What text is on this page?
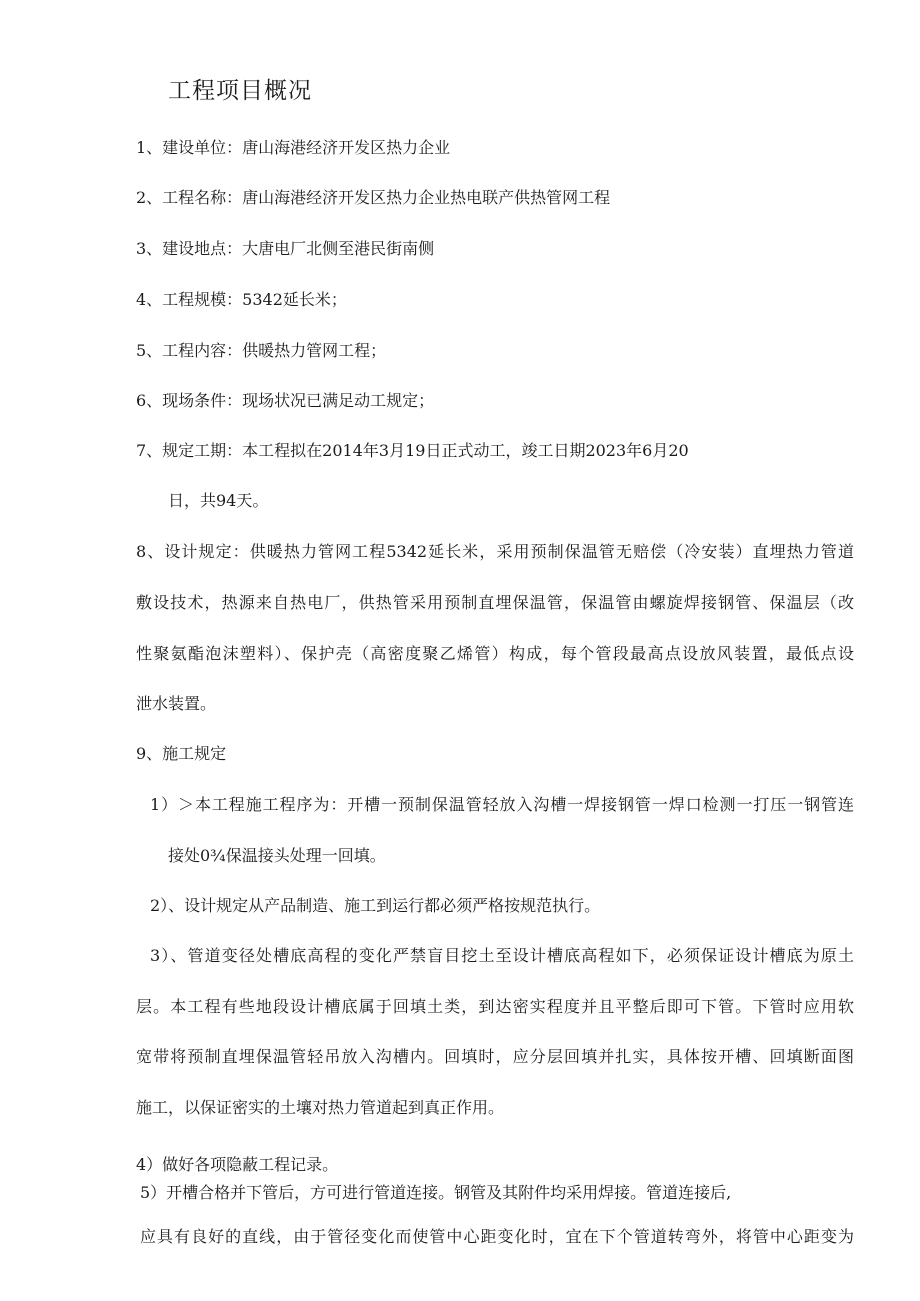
工程项目概况
1、建设单位：唐山海港经济开发区热力企业
2、工程名称：唐山海港经济开发区热力企业热电联产供热管网工程
3、建设地点：大唐电厂北侧至港民街南侧
4、工程规模：5342延长米；
5、工程内容：供暖热力管网工程；
6、现场条件：现场状况已满足动工规定；
7、规定工期：本工程拟在2014年3月19日正式动工，竣工日期2023年6月20
日，共94天。
8、设计规定：供暖热力管网工程5342延长米，采用预制保温管无赔偿（冷安装）直埋热力管道
敷设技术，热源来自热电厂，供热管采用预制直埋保温管，保温管由螺旋焊接钢管、保温层（改
性聚氨酯泡沫塑料）、保护壳（高密度聚乙烯管）构成，每个管段最高点设放风装置，最低点设
泄水装置。
9、施工规定
1）＞本工程施工程序为：开槽一预制保温管轻放入沟槽一焊接钢管一焊口检测一打压一钢管连
接处0¾保温接头处理一回填。
2）、设计规定从产品制造、施工到运行都必须严格按规范执行。
3）、管道变径处槽底高程的变化严禁盲目挖土至设计槽底高程如下，必须保证设计槽底为原土
层。本工程有些地段设计槽底属于回填土类，到达密实程度并且平整后即可下管。下管时应用软
宽带将预制直埋保温管轻吊放入沟槽内。回填时，应分层回填并扎实，具体按开槽、回填断面图
施工，以保证密实的土壤对热力管道起到真正作用。
4）做好各项隐蔽工程记录。
5）开槽合格并下管后，方可进行管道连接。钢管及其附件均采用焊接。管道连接后,
应具有良好的直线，由于管径变化而使管中心距变化时，宜在下个管道转弯外，将管中心距变为
